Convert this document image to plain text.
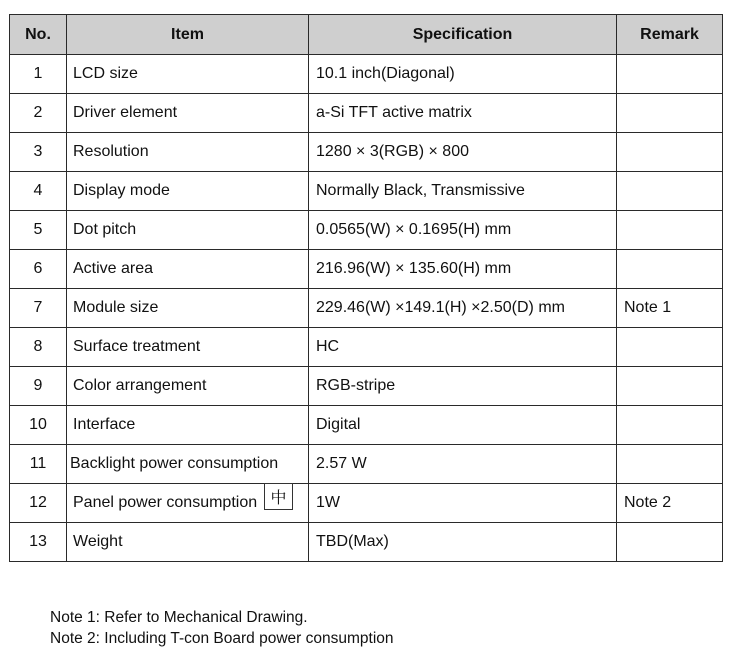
No.	Item	Specification	Remark
1	LCD size	10.1 inch(Diagonal)	

2	Driver element	a-Si TFT active matrix	

3	Resolution	1280 × 3(RGB) × 800	

4	Display mode	Normally Black, Transmissive	

5	Dot pitch	0.0565(W) × 0.1695(H) mm	

6	Active area	216.96(W) × 135.60(H) mm	

7	Module size	229.46(W) ×149.1(H) ×2.50(D) mm	Note 1
8	Surface treatment	HC	

9	Color arrangement	RGB-stripe	

10	Interface	Digital	

11	Backlight power consumption	2.57 W	

12	Panel power consumption	1W	Note 2
13	Weight	TBD(Max)	

中
Note 1: Refer to Mechanical Drawing.
Note 2: Including T-con Board power consumption
